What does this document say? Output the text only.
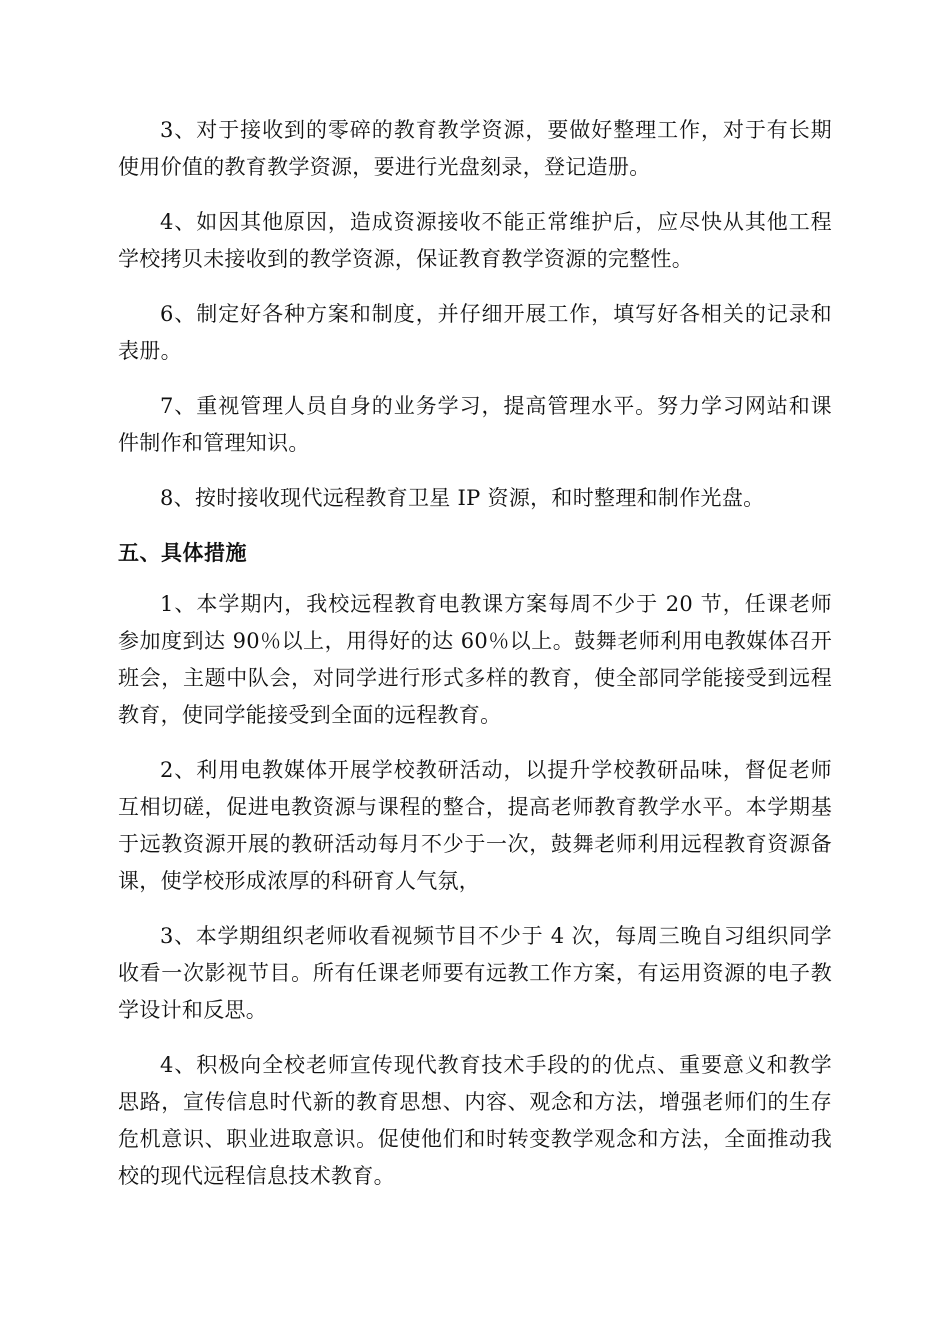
3、对于接收到的零碎的教育教学资源，要做好整理工作，对于有长期使用价值的教育教学资源，要进行光盘刻录，登记造册。

4、如因其他原因，造成资源接收不能正常维护后，应尽快从其他工程学校拷贝未接收到的教学资源，保证教育教学资源的完整性。

6、制定好各种方案和制度，并仔细开展工作，填写好各相关的记录和表册。

7、重视管理人员自身的业务学习，提高管理水平。努力学习网站和课件制作和管理知识。

8、按时接收现代远程教育卫星 IP 资源，和时整理和制作光盘。

五、具体措施

1、本学期内，我校远程教育电教课方案每周不少于 20 节，任课老师参加度到达 90％以上，用得好的达 60％以上。鼓舞老师利用电教媒体召开班会，主题中队会，对同学进行形式多样的教育，使全部同学能接受到远程教育，使同学能接受到全面的远程教育。

2、利用电教媒体开展学校教研活动，以提升学校教研品味，督促老师互相切磋，促进电教资源与课程的整合，提高老师教育教学水平。本学期基于远教资源开展的教研活动每月不少于一次，鼓舞老师利用远程教育资源备课，使学校形成浓厚的科研育人气氛，

3、本学期组织老师收看视频节目不少于 4 次，每周三晚自习组织同学收看一次影视节目。所有任课老师要有远教工作方案，有运用资源的电子教学设计和反思。

4、积极向全校老师宣传现代教育技术手段的的优点、重要意义和教学思路，宣传信息时代新的教育思想、内容、观念和方法，增强老师们的生存危机意识、职业进取意识。促使他们和时转变教学观念和方法，全面推动我校的现代远程信息技术教育。
